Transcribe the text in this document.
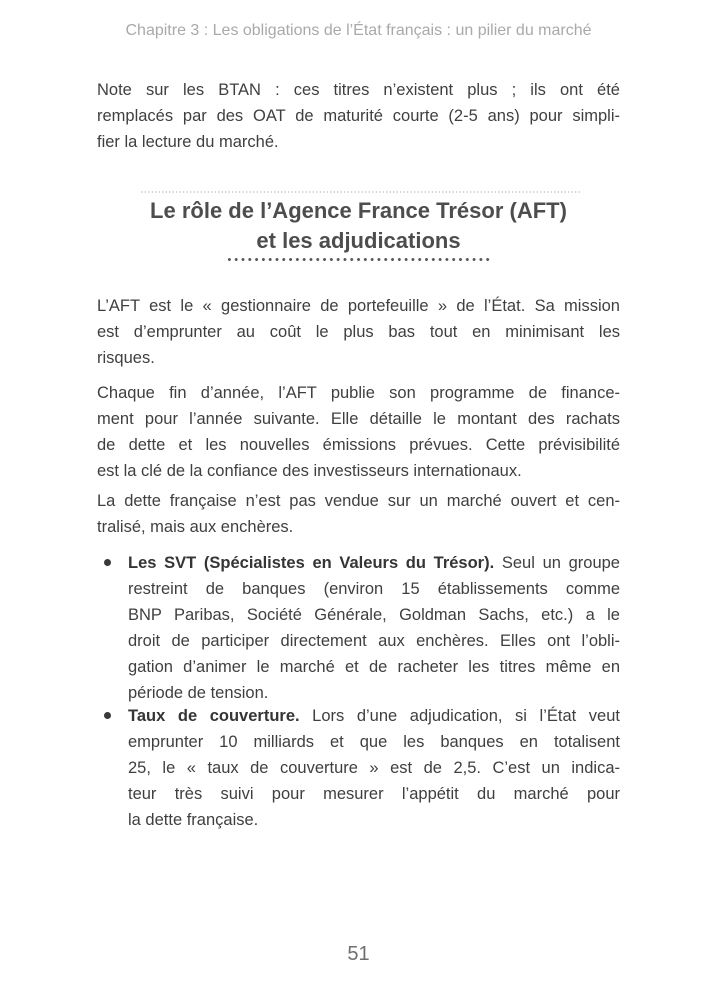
Chapitre 3 : Les obligations de l’État français : un pilier du marché
Note sur les BTAN : ces titres n’existent plus ; ils ont été
remplacés par des OAT de maturité courte (2-5 ans) pour simpli-
fier la lecture du marché.
Le rôle de l’Agence France Trésor (AFT)
et les adjudications
L’AFT est le « gestionnaire de portefeuille » de l’État. Sa mission
est d’emprunter au coût le plus bas tout en minimisant les
risques.
Chaque fin d’année, l’AFT publie son programme de finance-
ment pour l’année suivante. Elle détaille le montant des rachats
de dette et les nouvelles émissions prévues. Cette prévisibilité
est la clé de la confiance des investisseurs internationaux.
La dette française n’est pas vendue sur un marché ouvert et cen-
tralisé, mais aux enchères.
Les SVT (Spécialistes en Valeurs du Trésor). Seul un groupe
restreint de banques (environ 15 établissements comme
BNP Paribas, Société Générale, Goldman Sachs, etc.) a le
droit de participer directement aux enchères. Elles ont l’obli-
gation d’animer le marché et de racheter les titres même en
période de tension.
Taux de couverture. Lors d’une adjudication, si l’État veut
emprunter 10 milliards et que les banques en totalisent
25, le « taux de couverture » est de 2,5. C’est un indica-
teur très suivi pour mesurer l’appétit du marché pour
la dette française.
51
